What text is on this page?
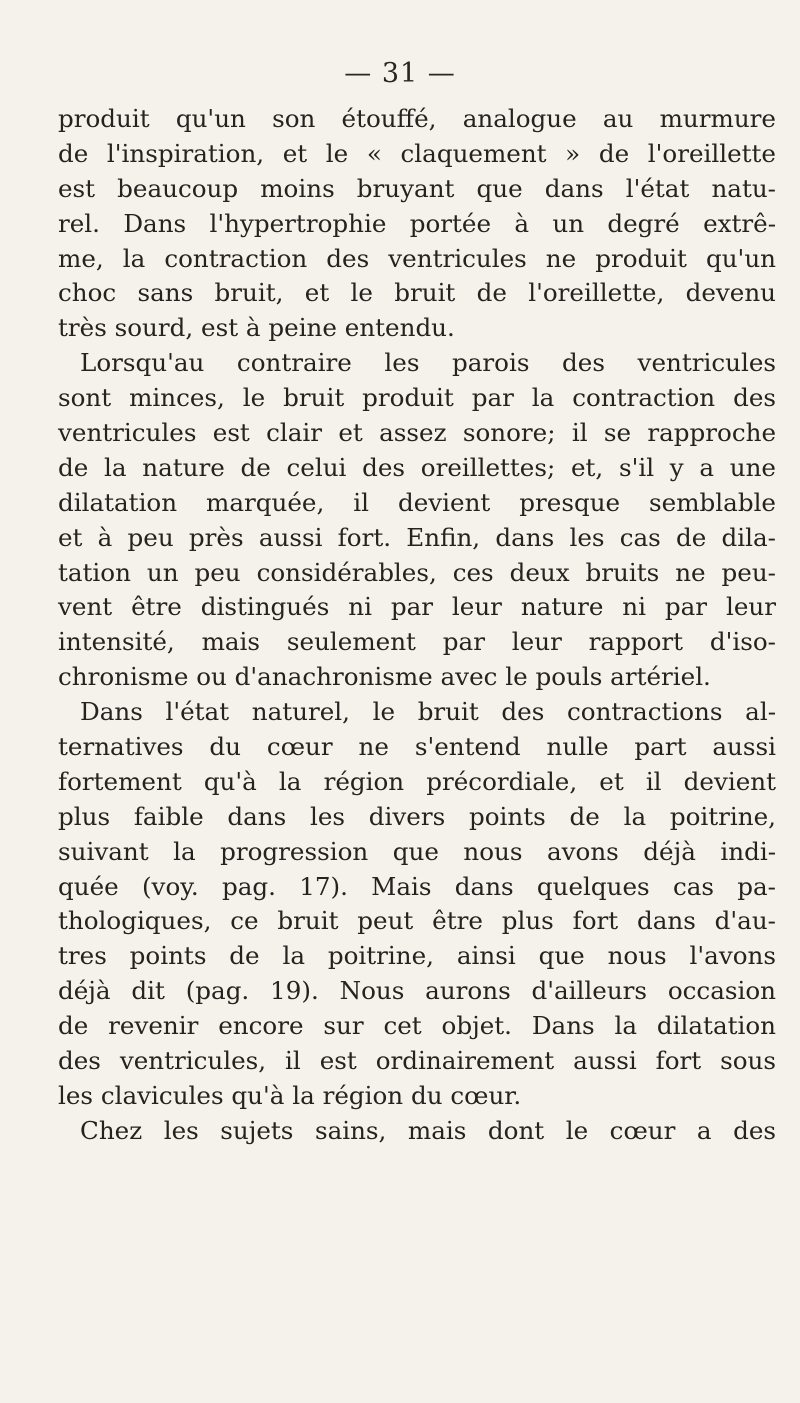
— 31 —
produit qu'un son étouffé, analogue au murmure
de l'inspiration, et le « claquement » de l'oreillette
est beaucoup moins bruyant que dans l'état natu-
rel. Dans l'hypertrophie portée à un degré extrê-
me, la contraction des ventricules ne produit qu'un
choc sans bruit, et le bruit de l'oreillette, devenu
très sourd, est à peine entendu.
Lorsqu'au contraire les parois des ventricules
sont minces, le bruit produit par la contraction des
ventricules est clair et assez sonore; il se rapproche
de la nature de celui des oreillettes; et, s'il y a une
dilatation marquée, il devient presque semblable
et à peu près aussi fort. Enfin, dans les cas de dila-
tation un peu considérables, ces deux bruits ne peu-
vent être distingués ni par leur nature ni par leur
intensité, mais seulement par leur rapport d'iso-
chronisme ou d'anachronisme avec le pouls artériel.
Dans l'état naturel, le bruit des contractions al-
ternatives du cœur ne s'entend nulle part aussi
fortement qu'à la région précordiale, et il devient
plus faible dans les divers points de la poitrine,
suivant la progression que nous avons déjà indi-
quée (voy. pag. 17). Mais dans quelques cas pa-
thologiques, ce bruit peut être plus fort dans d'au-
tres points de la poitrine, ainsi que nous l'avons
déjà dit (pag. 19). Nous aurons d'ailleurs occasion
de revenir encore sur cet objet. Dans la dilatation
des ventricules, il est ordinairement aussi fort sous
les clavicules qu'à la région du cœur.
Chez les sujets sains, mais dont le cœur a des
